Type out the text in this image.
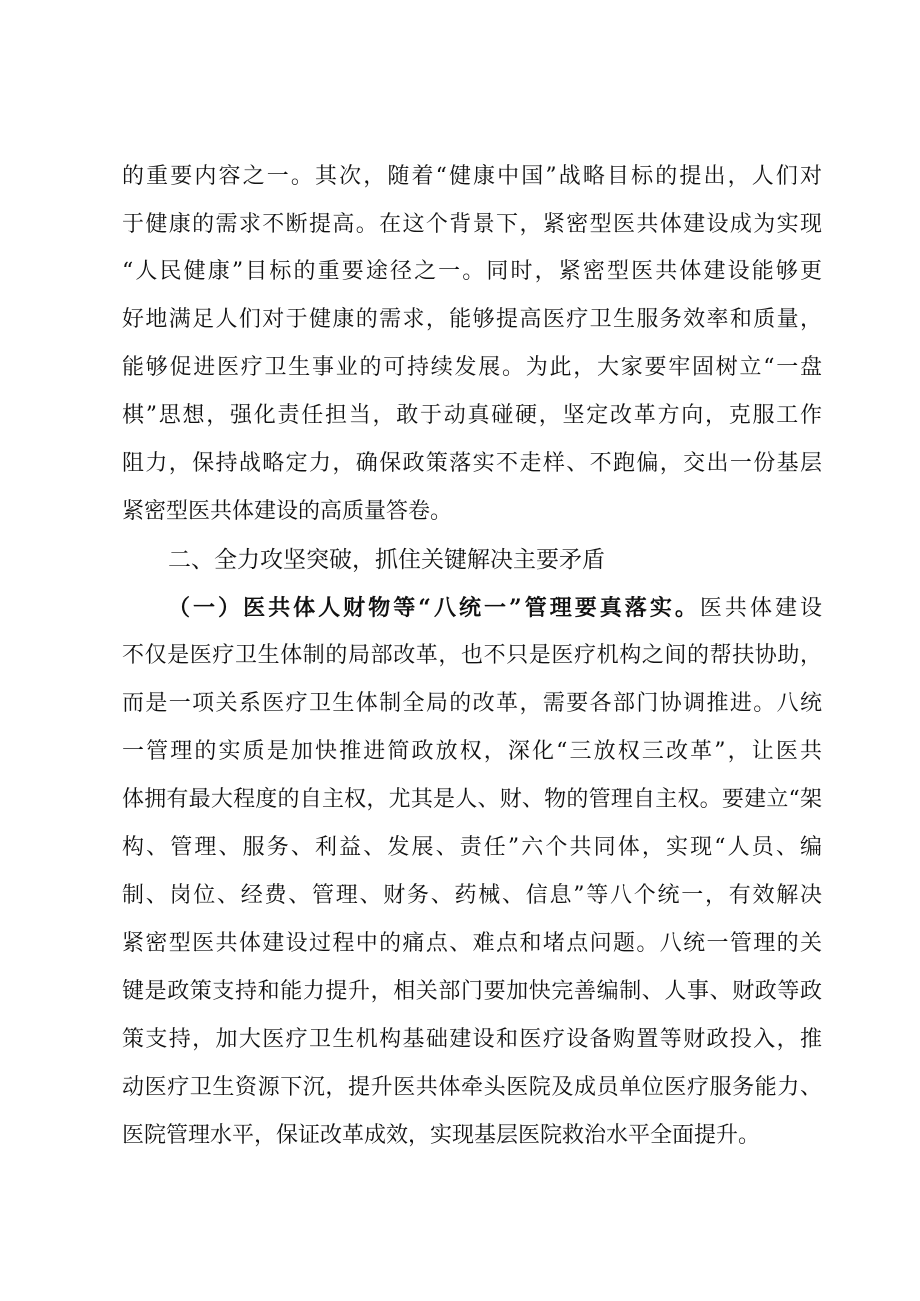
的重要内容之一。其次，随着“健康中国”战略目标的提出，人们对
于健康的需求不断提高。在这个背景下，紧密型医共体建设成为实现
“人民健康”目标的重要途径之一。同时，紧密型医共体建设能够更
好地满足人们对于健康的需求，能够提高医疗卫生服务效率和质量，
能够促进医疗卫生事业的可持续发展。为此，大家要牢固树立“一盘
棋”思想，强化责任担当，敢于动真碰硬，坚定改革方向，克服工作
阻力，保持战略定力，确保政策落实不走样、不跑偏，交出一份基层
紧密型医共体建设的高质量答卷。
二、全力攻坚突破，抓住关键解决主要矛盾
（一）医共体人财物等“八统一”管理要真落实。医共体建设
不仅是医疗卫生体制的局部改革，也不只是医疗机构之间的帮扶协助，
而是一项关系医疗卫生体制全局的改革，需要各部门协调推进。八统
一管理的实质是加快推进简政放权，深化“三放权三改革”，让医共
体拥有最大程度的自主权，尤其是人、财、物的管理自主权。要建立“架
构、管理、服务、利益、发展、责任”六个共同体，实现“人员、编
制、岗位、经费、管理、财务、药械、信息”等八个统一，有效解决
紧密型医共体建设过程中的痛点、难点和堵点问题。八统一管理的关
键是政策支持和能力提升，相关部门要加快完善编制、人事、财政等政
策支持，加大医疗卫生机构基础建设和医疗设备购置等财政投入，推
动医疗卫生资源下沉，提升医共体牵头医院及成员单位医疗服务能力、
医院管理水平，保证改革成效，实现基层医院救治水平全面提升。
